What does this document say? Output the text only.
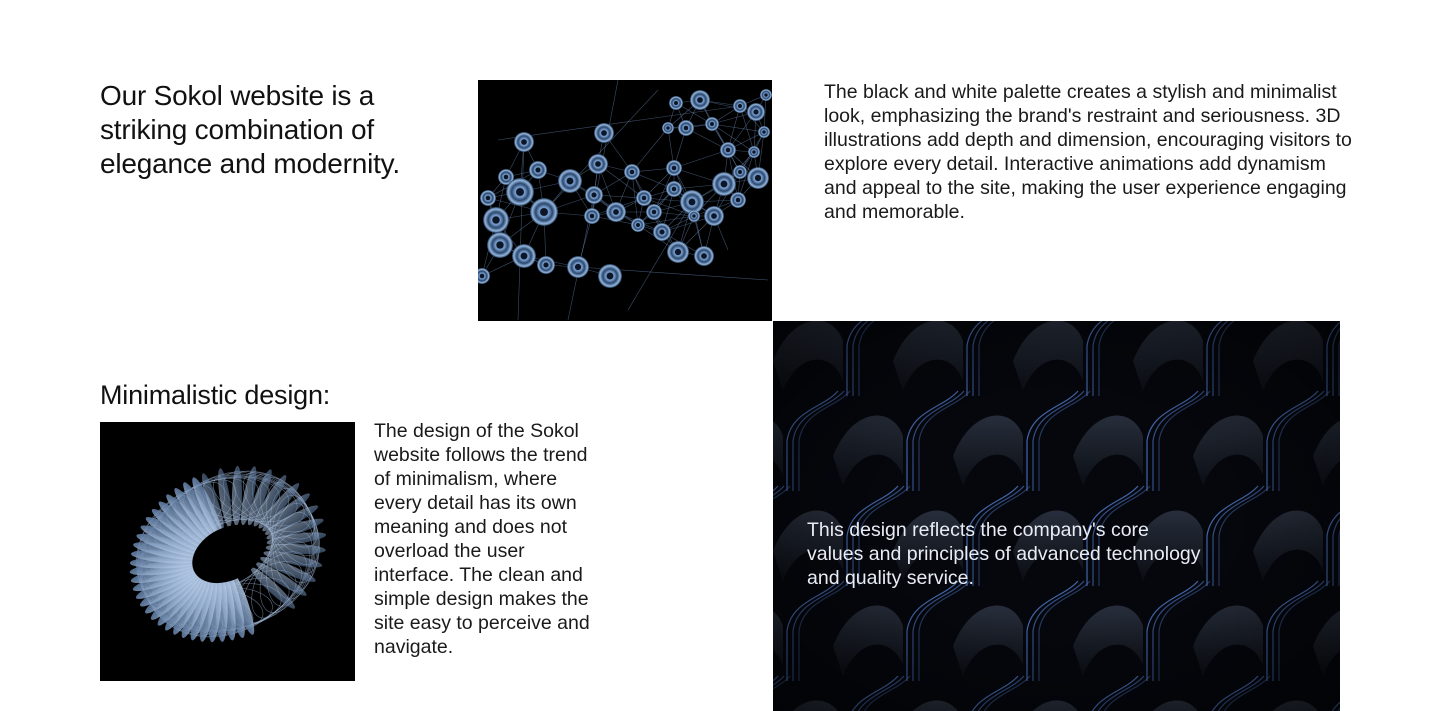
Our Sokol website is a striking combination of elegance and modernity.

The black and white palette creates a stylish and minimalist look, emphasizing the brand's restraint and seriousness. 3D illustrations add depth and dimension, encouraging visitors to explore every detail. Interactive animations add dynamism and appeal to the site, making the user experience engaging and memorable.

Minimalistic design:

The design of the Sokol website follows the trend of minimalism, where every detail has its own meaning and does not overload the user interface. The clean and simple design makes the site easy to perceive and navigate.

This design reflects the company's core values and principles of advanced technology and quality service.
